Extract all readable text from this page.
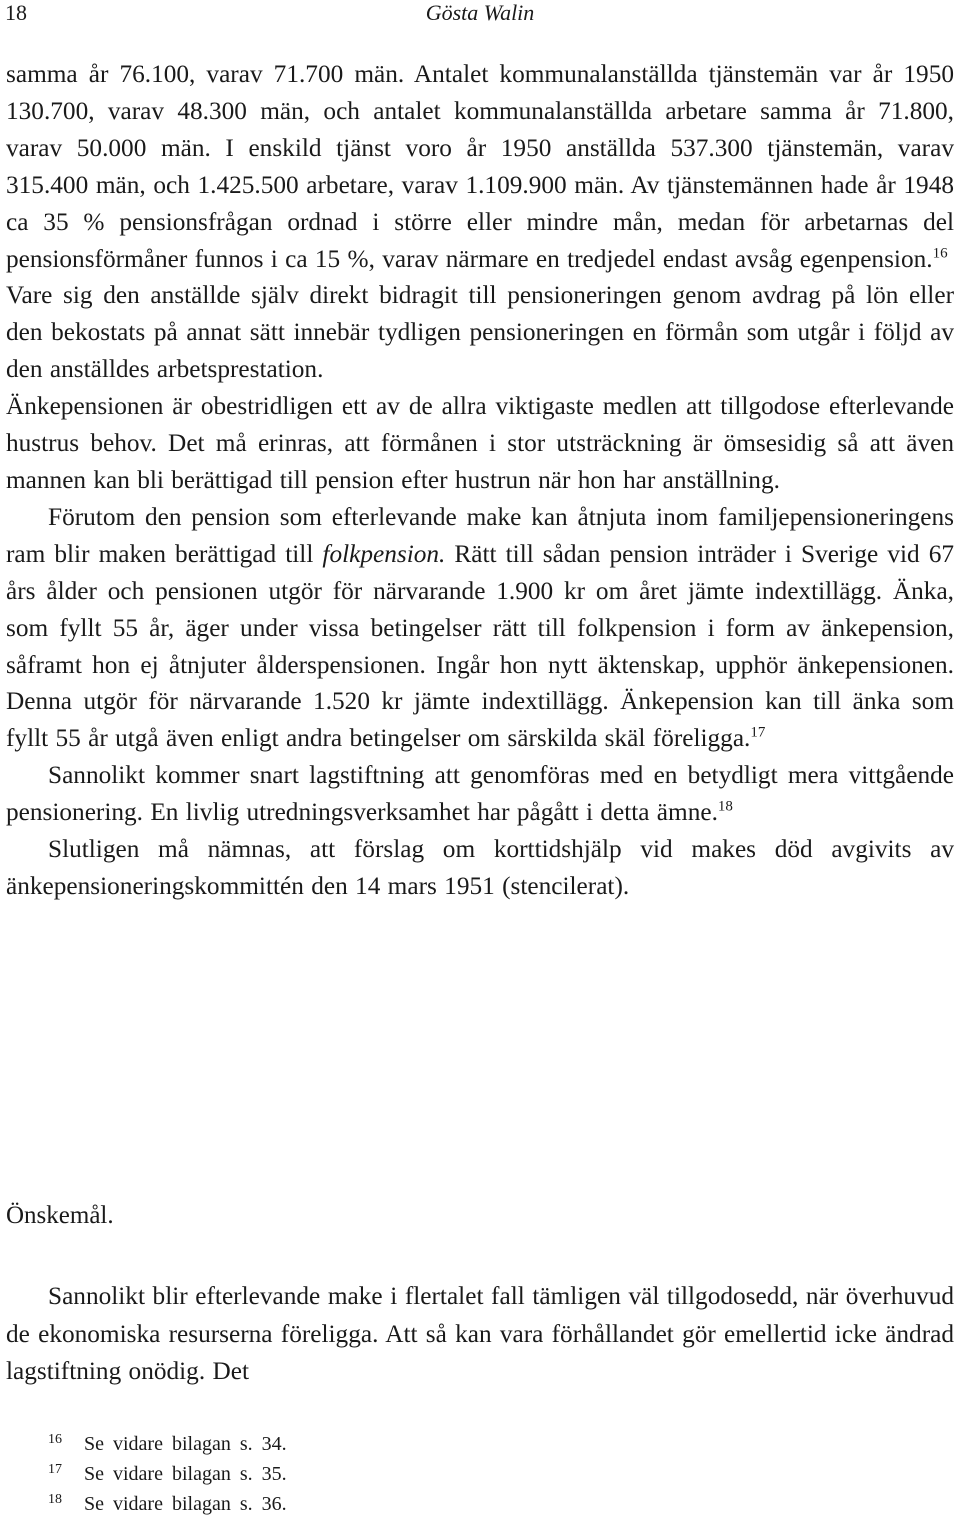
18	Gösta Walin

samma år 76.100, varav 71.700 män. Antalet kommunalanställda tjänstemän var år 1950 130.700, varav 48.300 män, och antalet kommunalanställda arbetare samma år 71.800, varav 50.000 män. I enskild tjänst voro år 1950 anställda 537.300 tjänstemän, varav 315.400 män, och 1.425.500 arbetare, varav 1.109.900 män. Av tjänstemännen hade år 1948 ca 35 % pensionsfrågan ordnad i större eller mindre mån, medan för arbetarnas del pensionsförmåner funnos i ca 15 %, varav närmare en tredjedel endast avsåg egenpension.$^{16}$

Vare sig den anställde själv direkt bidragit till pensioneringen genom avdrag på lön eller den bekostats på annat sätt innebär tydligen pensioneringen en förmån som utgår i följd av den anställdes arbetsprestation.

Änkepensionen är obestridligen ett av de allra viktigaste medlen att tillgodose efterlevande hustrus behov. Det må erinras, att förmånen i stor utsträckning är ömsesidig så att även mannen kan bli berättigad till pension efter hustrun när hon har anställning.

Förutom den pension som efterlevande make kan åtnjuta inom familjepensioneringens ram blir maken berättigad till folkpension. Rätt till sådan pension inträder i Sverige vid 67 års ålder och pensionen utgör för närvarande 1.900 kr om året jämte indextillägg. Änka, som fyllt 55 år, äger under vissa betingelser rätt till folkpension i form av änkepension, såframt hon ej åtnjuter ålderspensionen. Ingår hon nytt äktenskap, upphör änkepensionen. Denna utgör för närvarande 1.520 kr jämte indextillägg. Änkepension kan till änka som fyllt 55 år utgå även enligt andra betingelser om särskilda skäl föreligga.$^{17}$

Sannolikt kommer snart lagstiftning att genomföras med en betydligt mera vittgående pensionering. En livlig utredningsverksamhet har pågått i detta ämne.$^{18}$

Slutligen må nämnas, att förslag om korttidshjälp vid makes död avgivits av änkepensioneringskommittén den 14 mars 1951 (stencilerat).

Önskemål.

Sannolikt blir efterlevande make i flertalet fall tämligen väl tillgodosedd, när överhuvud de ekonomiska resurserna föreligga. Att så kan vara förhållandet gör emellertid icke ändrad lagstiftning onödig. Det

16 Se vidare bilagan s. 34.
17 Se vidare bilagan s. 35.
18 Se vidare bilagan s. 36.
